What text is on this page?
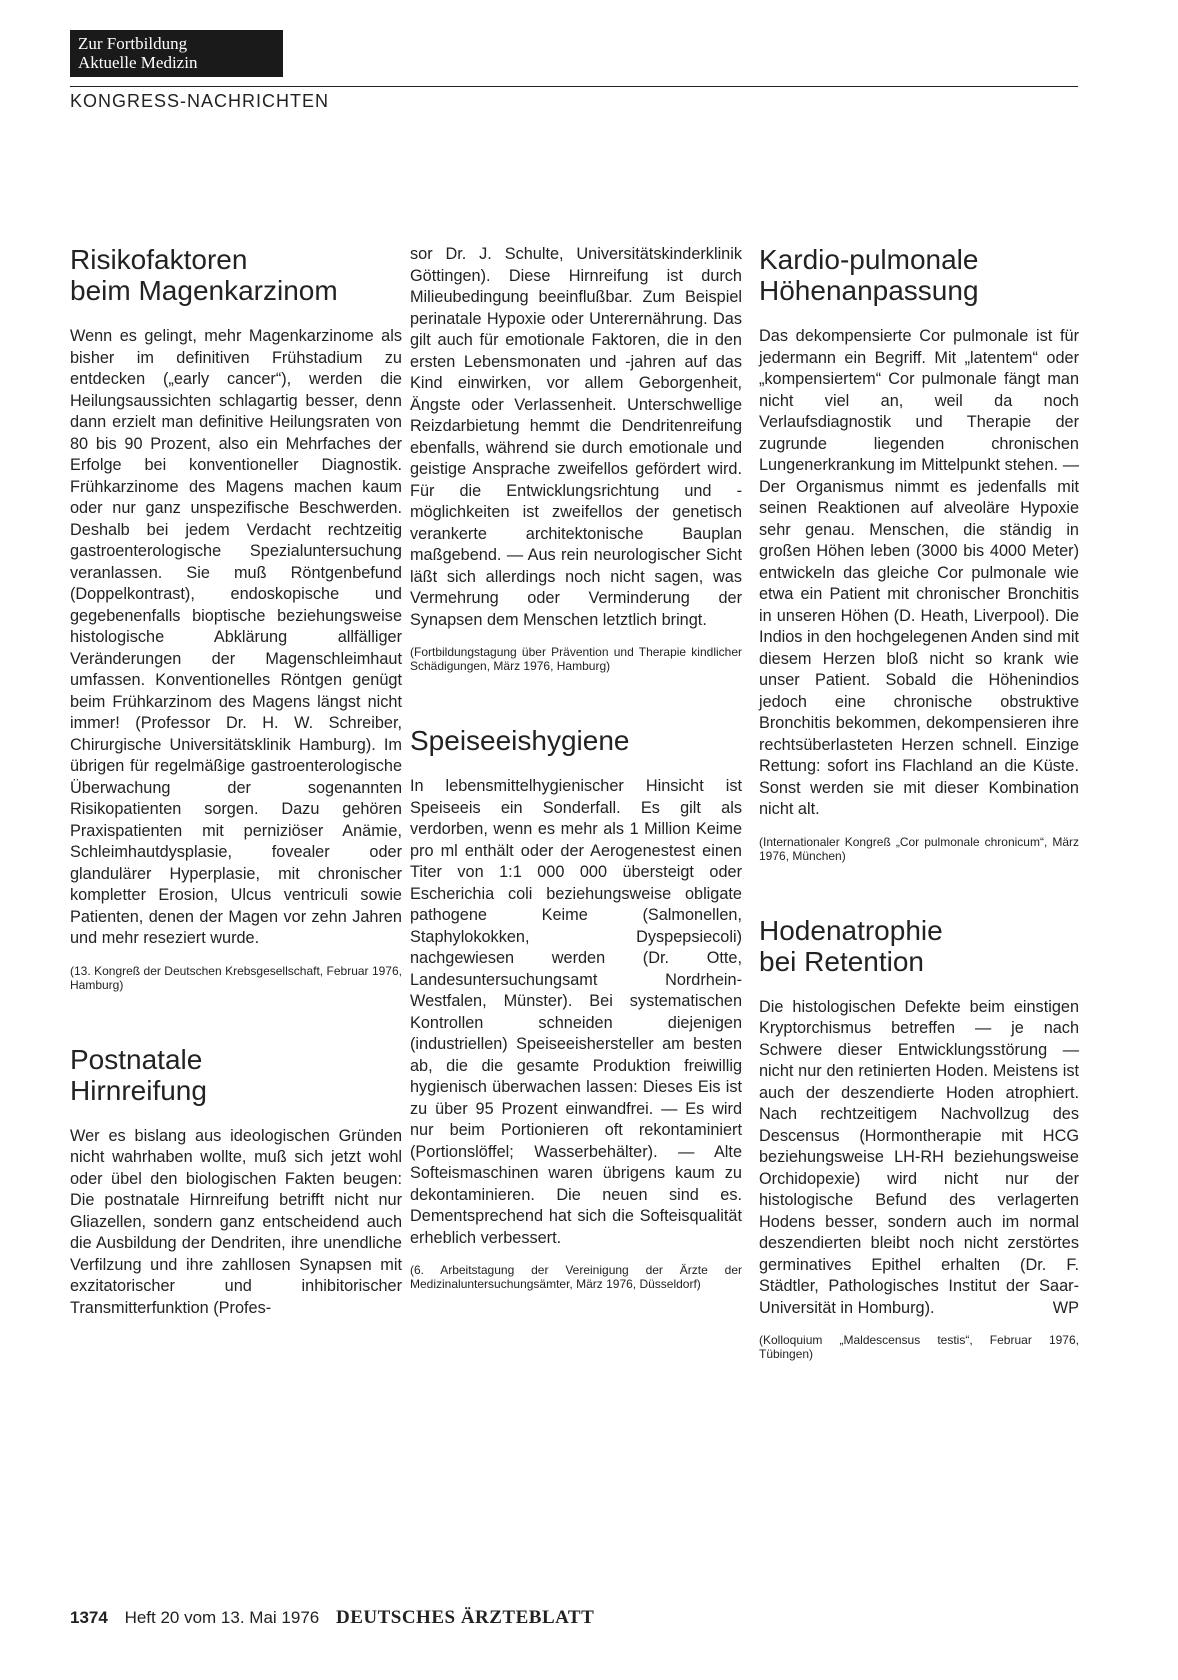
Zur Fortbildung
Aktuelle Medizin
KONGRESS-NACHRICHTEN
Risikofaktoren
beim Magenkarzinom

Wenn es gelingt, mehr Magenkarzinome als bisher im definitiven Frühstadium zu entdecken („early cancer“), werden die Heilungsaussichten schlagartig besser, denn dann erzielt man definitive Heilungsraten von 80 bis 90 Prozent, also ein Mehrfaches der Erfolge bei konventioneller Diagnostik. Frühkarzinome des Magens machen kaum oder nur ganz unspezifische Beschwerden. Deshalb bei jedem Verdacht rechtzeitig gastroenterologische Spezialuntersuchung veranlassen. Sie muß Röntgenbefund (Doppelkontrast), endoskopische und gegebenenfalls bioptische beziehungsweise histologische Abklärung allfälliger Veränderungen der Magenschleimhaut umfassen. Konventionelles Röntgen genügt beim Frühkarzinom des Magens längst nicht immer! (Professor Dr. H. W. Schreiber, Chirurgische Universitätsklinik Hamburg). Im übrigen für regelmäßige gastroenterologische Überwachung der sogenannten Risikopatienten sorgen. Dazu gehören Praxispatienten mit perniziöser Anämie, Schleimhautdysplasie, fovealer oder glandulärer Hyperplasie, mit chronischer kompletter Erosion, Ulcus ventriculi sowie Patienten, denen der Magen vor zehn Jahren und mehr reseziert wurde.

(13. Kongreß der Deutschen Krebsgesellschaft, Februar 1976, Hamburg)

Postnatale
Hirnreifung

Wer es bislang aus ideologischen Gründen nicht wahrhaben wollte, muß sich jetzt wohl oder übel den biologischen Fakten beugen: Die postnatale Hirnreifung betrifft nicht nur Gliazellen, sondern ganz entscheidend auch die Ausbildung der Dendriten, ihre unendliche Verfilzung und ihre zahllosen Synapsen mit exzitatorischer und inhibitorischer Transmitterfunktion (Profes-

sor Dr. J. Schulte, Universitätskinderklinik Göttingen). Diese Hirnreifung ist durch Milieubedingung beeinflußbar. Zum Beispiel perinatale Hypoxie oder Unterernährung. Das gilt auch für emotionale Faktoren, die in den ersten Lebensmonaten und -jahren auf das Kind einwirken, vor allem Geborgenheit, Ängste oder Verlassenheit. Unterschwellige Reizdarbietung hemmt die Dendritenreifung ebenfalls, während sie durch emotionale und geistige Ansprache zweifellos gefördert wird. Für die Entwicklungsrichtung und -möglichkeiten ist zweifellos der genetisch verankerte architektonische Bauplan maßgebend. — Aus rein neurologischer Sicht läßt sich allerdings noch nicht sagen, was Vermehrung oder Verminderung der Synapsen dem Menschen letztlich bringt.

(Fortbildungstagung über Prävention und Therapie kindlicher Schädigungen, März 1976, Hamburg)

Speiseeishygiene

In lebensmittelhygienischer Hinsicht ist Speiseeis ein Sonderfall. Es gilt als verdorben, wenn es mehr als 1 Million Keime pro ml enthält oder der Aerogenestest einen Titer von 1:1 000 000 übersteigt oder Escherichia coli beziehungsweise obligate pathogene Keime (Salmonellen, Staphylokokken, Dyspepsiecoli) nachgewiesen werden (Dr. Otte, Landesuntersuchungsamt Nordrhein-Westfalen, Münster). Bei systematischen Kontrollen schneiden diejenigen (industriellen) Speiseeishersteller am besten ab, die die gesamte Produktion freiwillig hygienisch überwachen lassen: Dieses Eis ist zu über 95 Prozent einwandfrei. — Es wird nur beim Portionieren oft rekontaminiert (Portionslöffel; Wasserbehälter). — Alte Softeismaschinen waren übrigens kaum zu dekontaminieren. Die neuen sind es. Dementsprechend hat sich die Softeisqualität erheblich verbessert.

(6. Arbeitstagung der Vereinigung der Ärzte der Medizinaluntersuchungsämter, März 1976, Düsseldorf)

Kardio-pulmonale
Höhenanpassung

Das dekompensierte Cor pulmonale ist für jedermann ein Begriff. Mit „latentem“ oder „kompensiertem“ Cor pulmonale fängt man nicht viel an, weil da noch Verlaufsdiagnostik und Therapie der zugrunde liegenden chronischen Lungenerkrankung im Mittelpunkt stehen. — Der Organismus nimmt es jedenfalls mit seinen Reaktionen auf alveoläre Hypoxie sehr genau. Menschen, die ständig in großen Höhen leben (3000 bis 4000 Meter) entwickeln das gleiche Cor pulmonale wie etwa ein Patient mit chronischer Bronchitis in unseren Höhen (D. Heath, Liverpool). Die Indios in den hochgelegenen Anden sind mit diesem Herzen bloß nicht so krank wie unser Patient. Sobald die Höhenindios jedoch eine chronische obstruktive Bronchitis bekommen, dekompensieren ihre rechtsüberlasteten Herzen schnell. Einzige Rettung: sofort ins Flachland an die Küste. Sonst werden sie mit dieser Kombination nicht alt.

(Internationaler Kongreß „Cor pulmonale chronicum“, März 1976, München)

Hodenatrophie
bei Retention

Die histologischen Defekte beim einstigen Kryptorchismus betreffen — je nach Schwere dieser Entwicklungsstörung — nicht nur den retinierten Hoden. Meistens ist auch der deszendierte Hoden atrophiert. Nach rechtzeitigem Nachvollzug des Descensus (Hormontherapie mit HCG beziehungsweise LH-RH beziehungsweise Orchidopexie) wird nicht nur der histologische Befund des verlagerten Hodens besser, sondern auch im normal deszendierten bleibt noch nicht zerstörtes germinatives Epithel erhalten (Dr. F. Städtler, Pathologisches Institut der Saar-Universität in Homburg).	WP

(Kolloquium „Maldescensus testis“, Februar 1976, Tübingen)

1374 Heft 20 vom 13. Mai 1976 DEUTSCHES ÄRZTEBLATT
